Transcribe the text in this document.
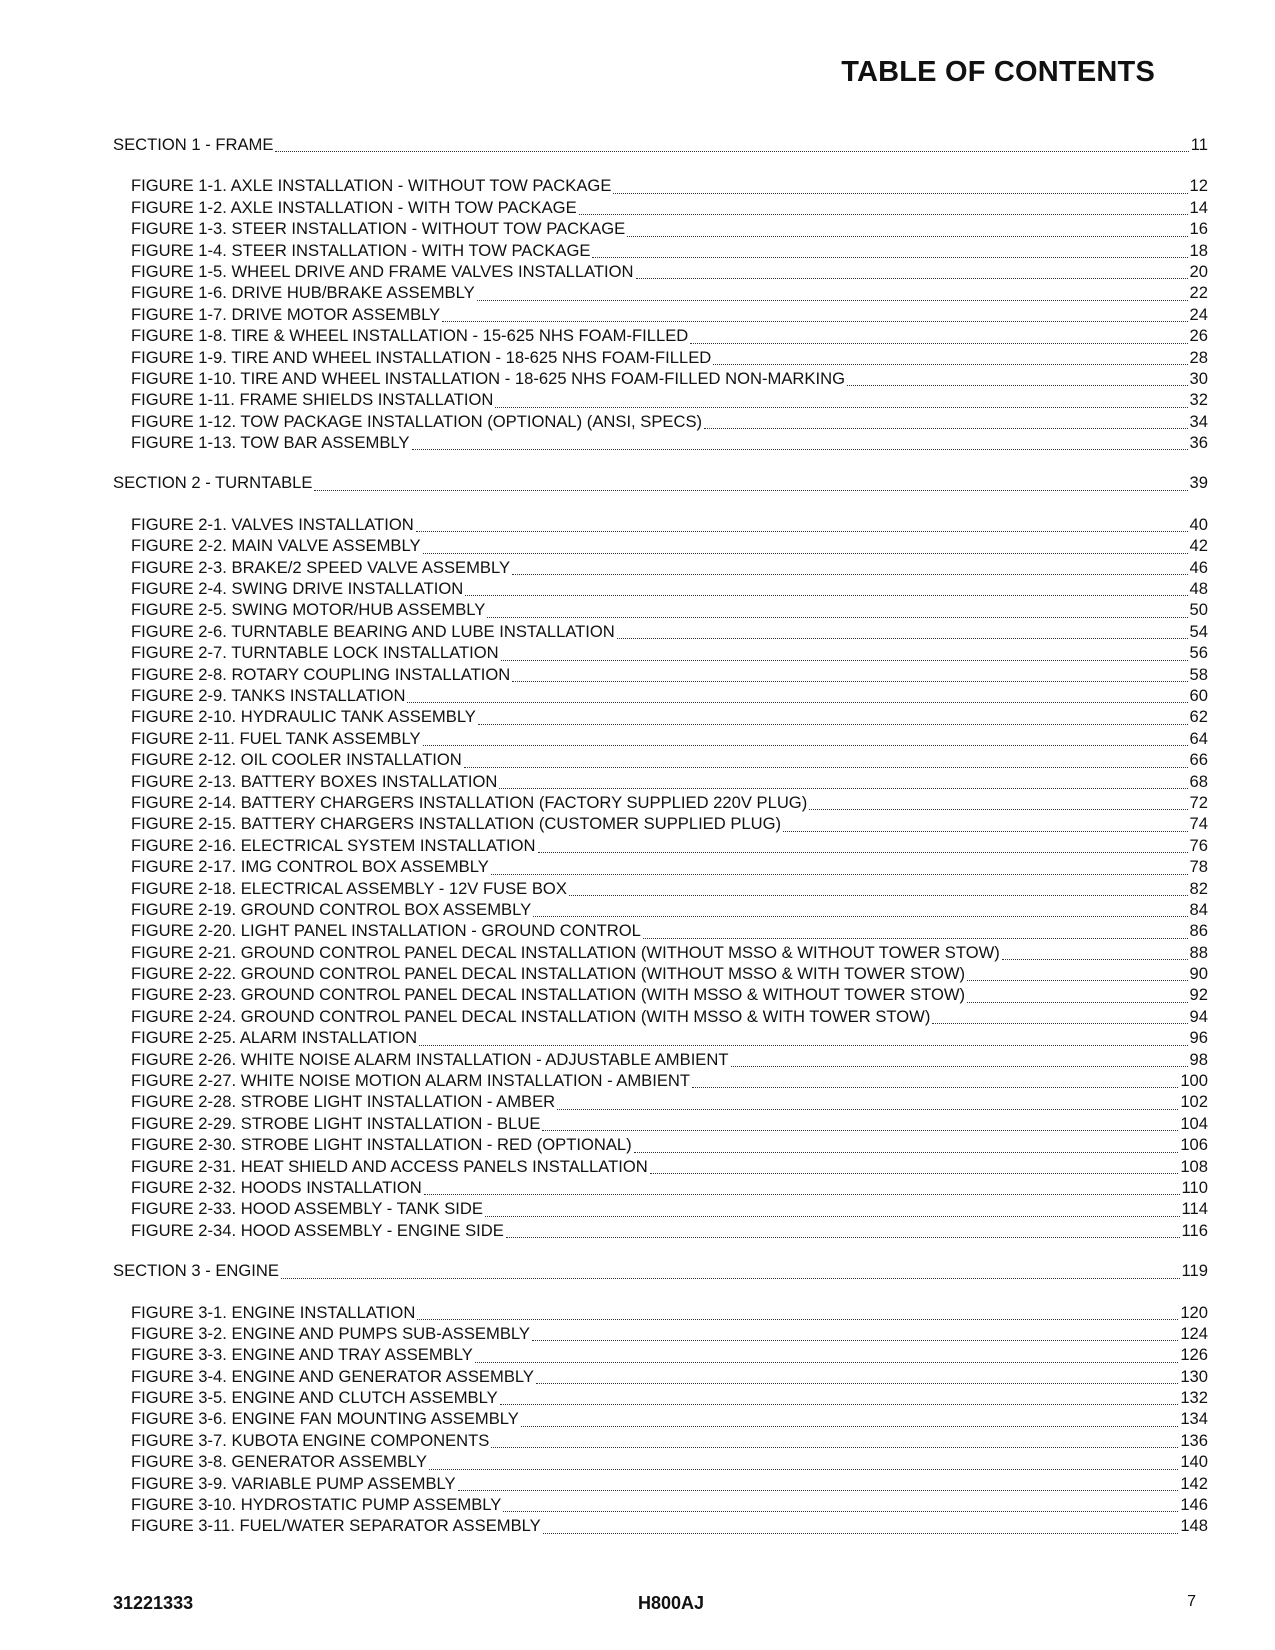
TABLE OF CONTENTS
SECTION 1 - FRAME	11
FIGURE 1-1. AXLE INSTALLATION - WITHOUT TOW PACKAGE	12
FIGURE 1-2. AXLE INSTALLATION - WITH TOW PACKAGE	14
FIGURE 1-3. STEER INSTALLATION - WITHOUT TOW PACKAGE	16
FIGURE 1-4. STEER INSTALLATION - WITH TOW PACKAGE	18
FIGURE 1-5. WHEEL DRIVE AND FRAME VALVES INSTALLATION	20
FIGURE 1-6. DRIVE HUB/BRAKE ASSEMBLY	22
FIGURE 1-7. DRIVE MOTOR ASSEMBLY	24
FIGURE 1-8. TIRE & WHEEL INSTALLATION - 15-625 NHS FOAM-FILLED	26
FIGURE 1-9. TIRE AND WHEEL INSTALLATION - 18-625 NHS FOAM-FILLED	28
FIGURE 1-10. TIRE AND WHEEL INSTALLATION - 18-625 NHS FOAM-FILLED NON-MARKING	30
FIGURE 1-11. FRAME SHIELDS INSTALLATION	32
FIGURE 1-12. TOW PACKAGE INSTALLATION (OPTIONAL) (ANSI, SPECS)	34
FIGURE 1-13. TOW BAR ASSEMBLY	36
SECTION 2 - TURNTABLE	39
FIGURE 2-1. VALVES INSTALLATION	40
FIGURE 2-2. MAIN VALVE ASSEMBLY	42
FIGURE 2-3. BRAKE/2 SPEED VALVE ASSEMBLY	46
FIGURE 2-4. SWING DRIVE INSTALLATION	48
FIGURE 2-5. SWING MOTOR/HUB ASSEMBLY	50
FIGURE 2-6. TURNTABLE BEARING AND LUBE INSTALLATION	54
FIGURE 2-7. TURNTABLE LOCK INSTALLATION	56
FIGURE 2-8. ROTARY COUPLING INSTALLATION	58
FIGURE 2-9. TANKS INSTALLATION	60
FIGURE 2-10. HYDRAULIC TANK ASSEMBLY	62
FIGURE 2-11. FUEL TANK ASSEMBLY	64
FIGURE 2-12. OIL COOLER INSTALLATION	66
FIGURE 2-13. BATTERY BOXES INSTALLATION	68
FIGURE 2-14. BATTERY CHARGERS INSTALLATION (FACTORY SUPPLIED 220V PLUG)	72
FIGURE 2-15. BATTERY CHARGERS INSTALLATION (CUSTOMER SUPPLIED PLUG)	74
FIGURE 2-16. ELECTRICAL SYSTEM INSTALLATION	76
FIGURE 2-17. IMG CONTROL BOX ASSEMBLY	78
FIGURE 2-18. ELECTRICAL ASSEMBLY - 12V FUSE BOX	82
FIGURE 2-19. GROUND CONTROL BOX ASSEMBLY	84
FIGURE 2-20. LIGHT PANEL INSTALLATION - GROUND CONTROL	86
FIGURE 2-21. GROUND CONTROL PANEL DECAL INSTALLATION (WITHOUT MSSO & WITHOUT TOWER STOW)	88
FIGURE 2-22. GROUND CONTROL PANEL DECAL INSTALLATION (WITHOUT MSSO & WITH TOWER STOW)	90
FIGURE 2-23. GROUND CONTROL PANEL DECAL INSTALLATION (WITH MSSO & WITHOUT TOWER STOW)	92
FIGURE 2-24. GROUND CONTROL PANEL DECAL INSTALLATION (WITH MSSO & WITH TOWER STOW)	94
FIGURE 2-25. ALARM INSTALLATION	96
FIGURE 2-26. WHITE NOISE ALARM INSTALLATION - ADJUSTABLE AMBIENT	98
FIGURE 2-27. WHITE NOISE MOTION ALARM INSTALLATION - AMBIENT	100
FIGURE 2-28. STROBE LIGHT INSTALLATION - AMBER	102
FIGURE 2-29. STROBE LIGHT INSTALLATION - BLUE	104
FIGURE 2-30. STROBE LIGHT INSTALLATION - RED (OPTIONAL)	106
FIGURE 2-31. HEAT SHIELD AND ACCESS PANELS INSTALLATION	108
FIGURE 2-32. HOODS INSTALLATION	110
FIGURE 2-33. HOOD ASSEMBLY - TANK SIDE	114
FIGURE 2-34. HOOD ASSEMBLY - ENGINE SIDE	116
SECTION 3 - ENGINE	119
FIGURE 3-1. ENGINE INSTALLATION	120
FIGURE 3-2. ENGINE AND PUMPS SUB-ASSEMBLY	124
FIGURE 3-3. ENGINE AND TRAY ASSEMBLY	126
FIGURE 3-4. ENGINE AND GENERATOR ASSEMBLY	130
FIGURE 3-5. ENGINE AND CLUTCH ASSEMBLY	132
FIGURE 3-6. ENGINE FAN MOUNTING ASSEMBLY	134
FIGURE 3-7. KUBOTA ENGINE COMPONENTS	136
FIGURE 3-8. GENERATOR ASSEMBLY	140
FIGURE 3-9. VARIABLE PUMP ASSEMBLY	142
FIGURE 3-10. HYDROSTATIC PUMP ASSEMBLY	146
FIGURE 3-11. FUEL/WATER SEPARATOR ASSEMBLY	148
31221333	H800AJ	7
